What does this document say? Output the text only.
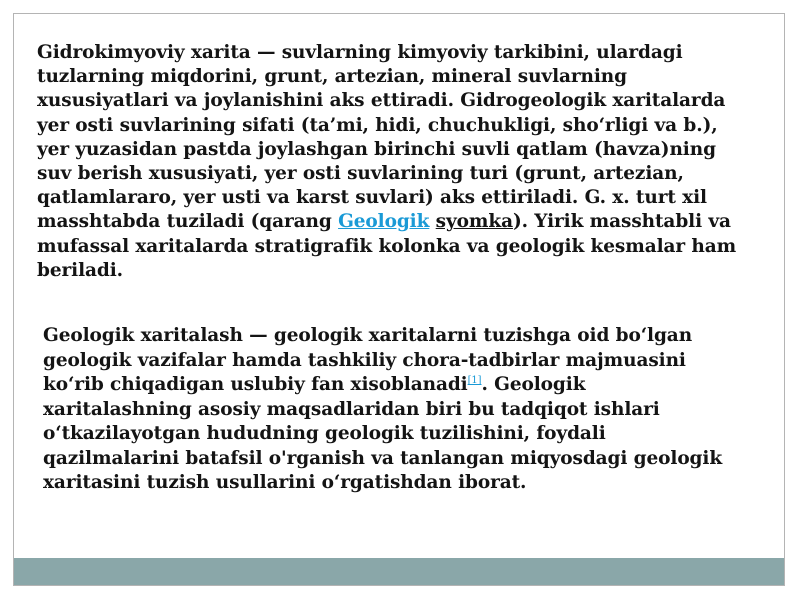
Gidrokimyoviy xarita — suvlarning kimyoviy tarkibini, ulardagi tuzlarning miqdorini, grunt, artezian, mineral suvlarning xususiyatlari va joylanishini aks ettiradi. Gidrogeologik xaritalarda yer osti suvlarining sifati (ta’mi, hidi, chuchukligi, sho‘rligi va b.), yer yuzasidan pastda joylashgan birinchi suvli qatlam (havza)ning suv berish xususiyati, yer osti suvlarining turi (grunt, artezian, qatlamlararo, yer usti va karst suvlari) aks ettiriladi. G. x. turt xil masshtabda tuziladi (qarang Geologik syomka). Yirik masshtabli va mufassal xaritalarda stratigrafik kolonka va geologik kesmalar ham beriladi.

Geologik xaritalash — geologik xaritalarni tuzishga oid bo‘lgan geologik vazifalar hamda tashkiliy chora-tadbirlar majmuasini ko‘rib chiqadigan uslubiy fan xisoblanadi[1]. Geologik xaritalashning asosiy maqsadlaridan biri bu tadqiqot ishlari o‘tkazilayotgan hududning geologik tuzilishini, foydali qazilmalarini batafsil o'rganish va tanlangan miqyosdagi geologik xaritasini tuzish usullarini o‘rgatishdan iborat.
